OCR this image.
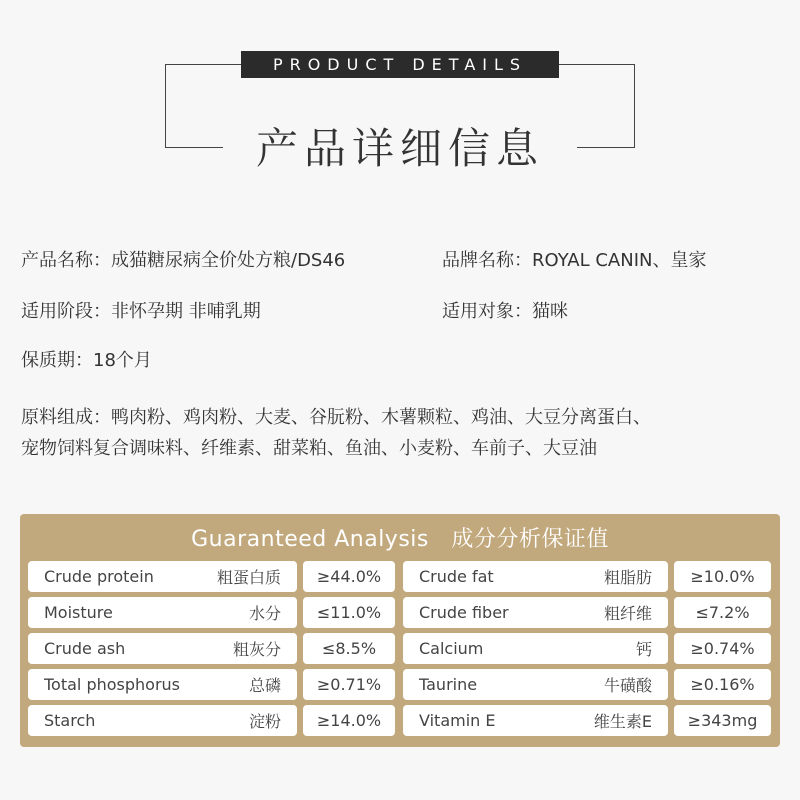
PRODUCT DETAILS
产品详细信息
产品名称：成猫糖尿病全价处方粮/DS46	品牌名称：ROYAL CANIN、皇家
适用阶段：非怀孕期 非哺乳期	适用对象：猫咪
保质期：18个月
原料组成：鸭肉粉、鸡肉粉、大麦、谷朊粉、木薯颗粒、鸡油、大豆分离蛋白、
宠物饲料复合调味料、纤维素、甜菜粕、鱼油、小麦粉、车前子、大豆油
Guaranteed Analysis　成分分析保证值
Crude protein	粗蛋白质	≥44.0%
Moisture	水分	≤11.0%
Crude ash	粗灰分	≤8.5%
Total phosphorus	总磷	≥0.71%
Starch	淀粉	≥14.0%
Crude fat	粗脂肪	≥10.0%
Crude fiber	粗纤维	≤7.2%
Calcium	钙	≥0.74%
Taurine	牛磺酸	≥0.16%
Vitamin E	维生素E	≥343mg
